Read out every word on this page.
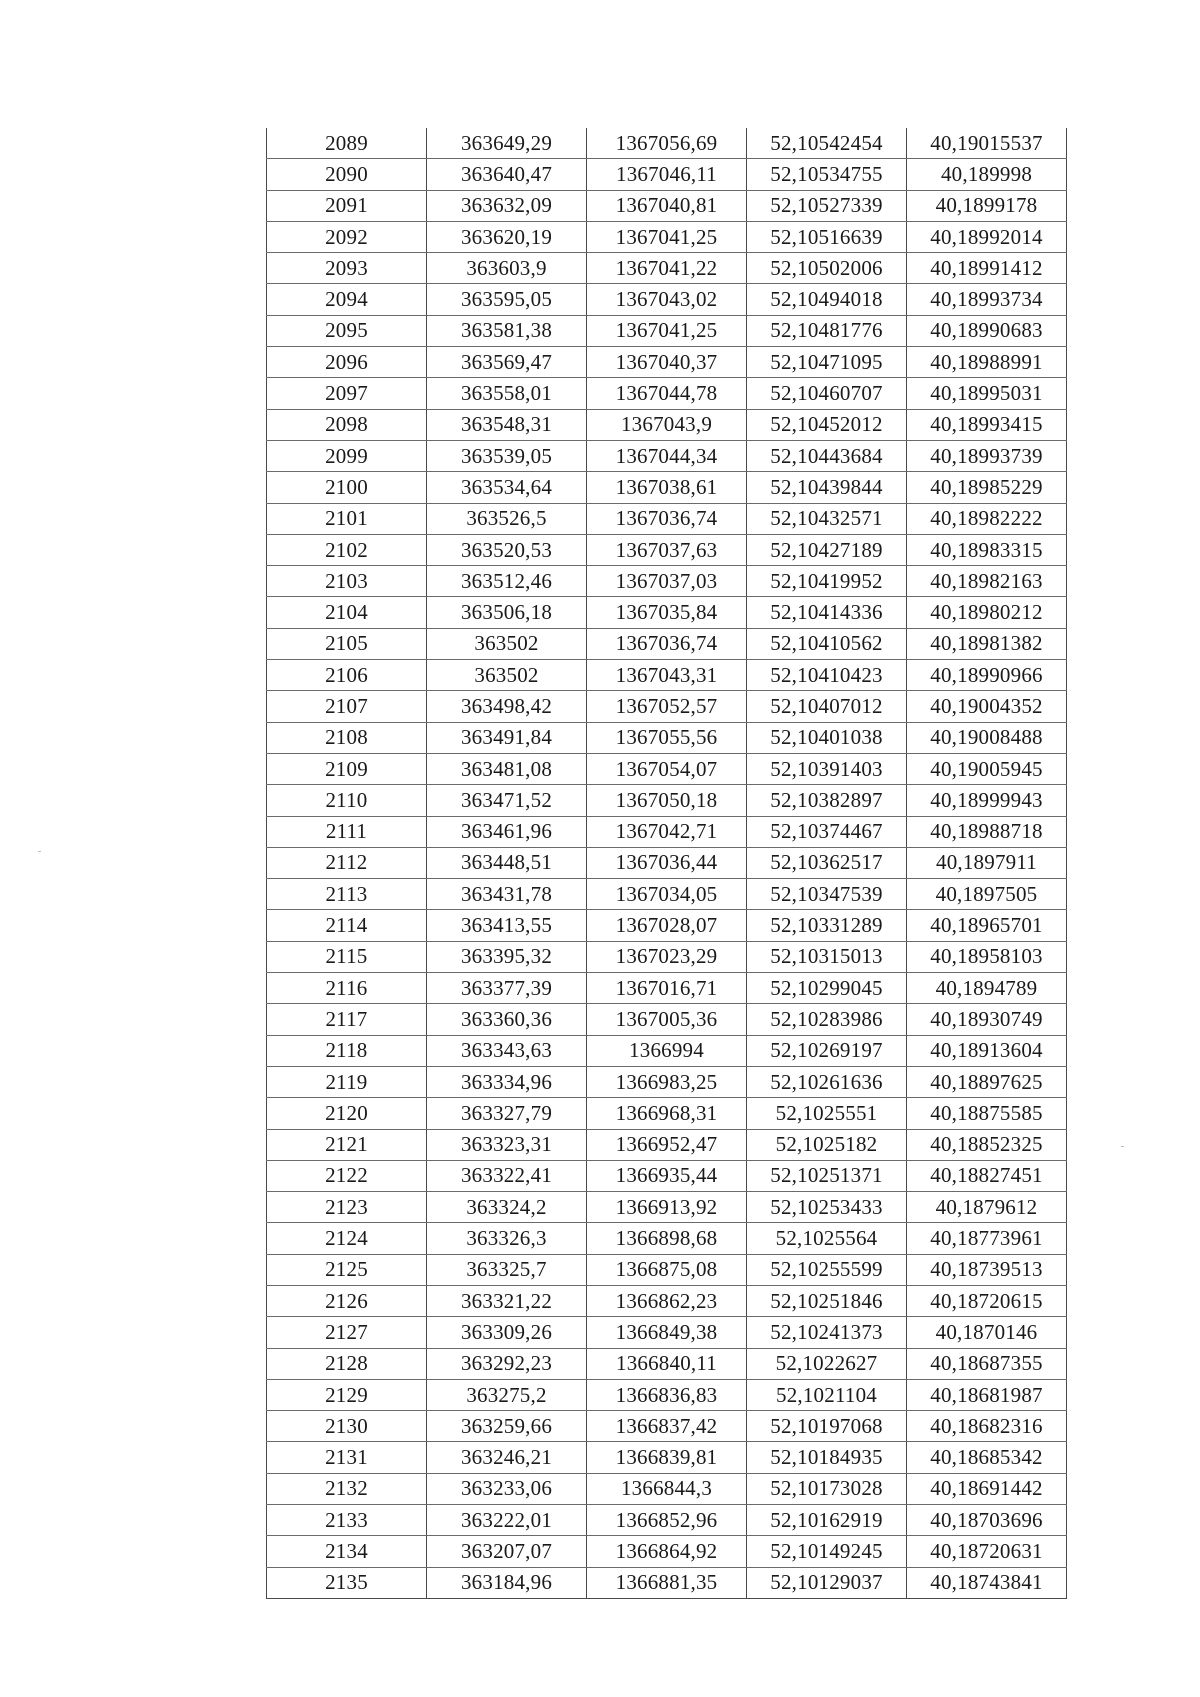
2089	363649,29	1367056,69	52,10542454	40,19015537
2090	363640,47	1367046,11	52,10534755	40,189998
2091	363632,09	1367040,81	52,10527339	40,1899178
2092	363620,19	1367041,25	52,10516639	40,18992014
2093	363603,9	1367041,22	52,10502006	40,18991412
2094	363595,05	1367043,02	52,10494018	40,18993734
2095	363581,38	1367041,25	52,10481776	40,18990683
2096	363569,47	1367040,37	52,10471095	40,18988991
2097	363558,01	1367044,78	52,10460707	40,18995031
2098	363548,31	1367043,9	52,10452012	40,18993415
2099	363539,05	1367044,34	52,10443684	40,18993739
2100	363534,64	1367038,61	52,10439844	40,18985229
2101	363526,5	1367036,74	52,10432571	40,18982222
2102	363520,53	1367037,63	52,10427189	40,18983315
2103	363512,46	1367037,03	52,10419952	40,18982163
2104	363506,18	1367035,84	52,10414336	40,18980212
2105	363502	1367036,74	52,10410562	40,18981382
2106	363502	1367043,31	52,10410423	40,18990966
2107	363498,42	1367052,57	52,10407012	40,19004352
2108	363491,84	1367055,56	52,10401038	40,19008488
2109	363481,08	1367054,07	52,10391403	40,19005945
2110	363471,52	1367050,18	52,10382897	40,18999943
2111	363461,96	1367042,71	52,10374467	40,18988718
2112	363448,51	1367036,44	52,10362517	40,1897911
2113	363431,78	1367034,05	52,10347539	40,1897505
2114	363413,55	1367028,07	52,10331289	40,18965701
2115	363395,32	1367023,29	52,10315013	40,18958103
2116	363377,39	1367016,71	52,10299045	40,1894789
2117	363360,36	1367005,36	52,10283986	40,18930749
2118	363343,63	1366994	52,10269197	40,18913604
2119	363334,96	1366983,25	52,10261636	40,18897625
2120	363327,79	1366968,31	52,1025551	40,18875585
2121	363323,31	1366952,47	52,1025182	40,18852325
2122	363322,41	1366935,44	52,10251371	40,18827451
2123	363324,2	1366913,92	52,10253433	40,1879612
2124	363326,3	1366898,68	52,1025564	40,18773961
2125	363325,7	1366875,08	52,10255599	40,18739513
2126	363321,22	1366862,23	52,10251846	40,18720615
2127	363309,26	1366849,38	52,10241373	40,1870146
2128	363292,23	1366840,11	52,1022627	40,18687355
2129	363275,2	1366836,83	52,1021104	40,18681987
2130	363259,66	1366837,42	52,10197068	40,18682316
2131	363246,21	1366839,81	52,10184935	40,18685342
2132	363233,06	1366844,3	52,10173028	40,18691442
2133	363222,01	1366852,96	52,10162919	40,18703696
2134	363207,07	1366864,92	52,10149245	40,18720631
2135	363184,96	1366881,35	52,10129037	40,18743841
